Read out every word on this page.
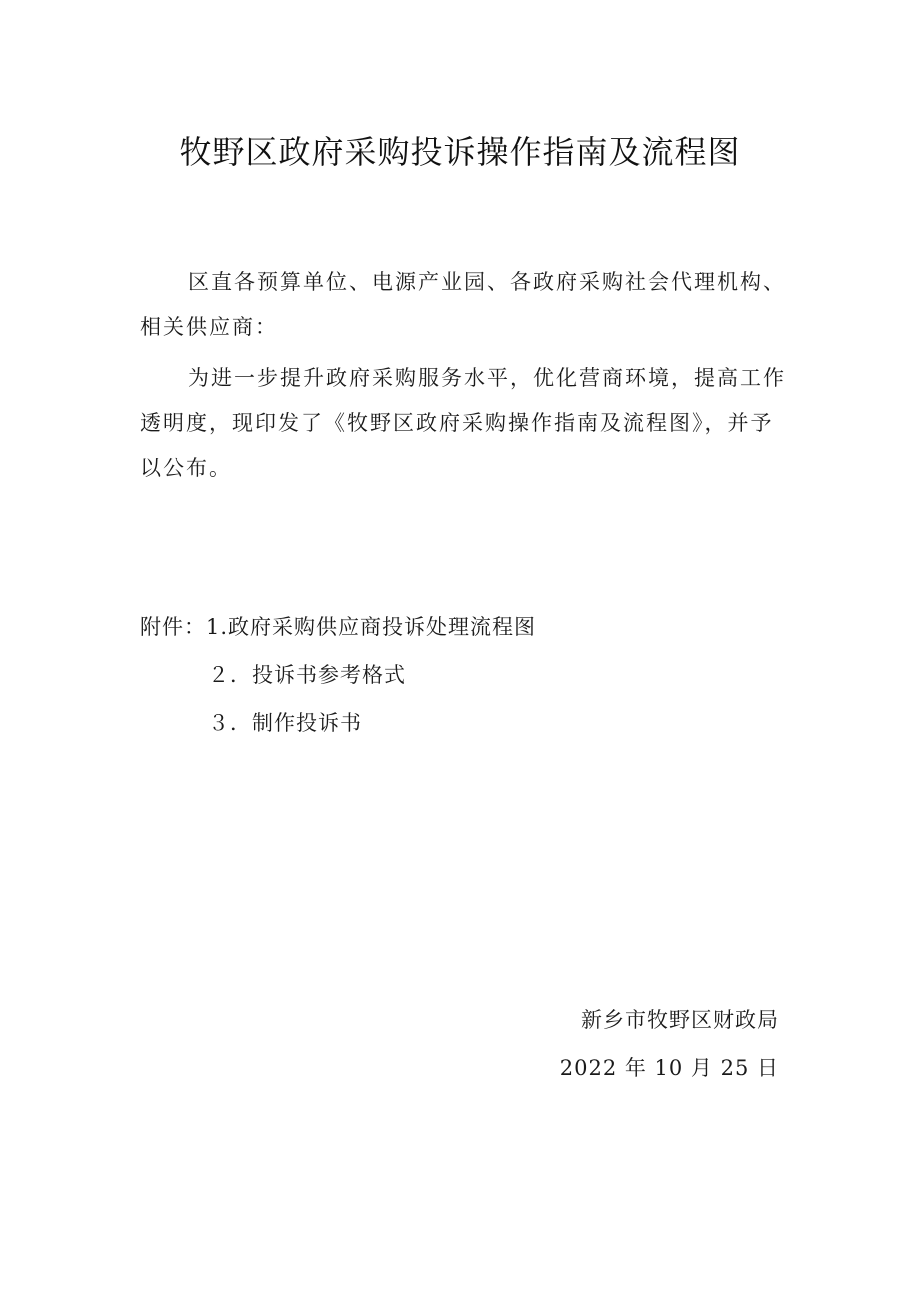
牧野区政府采购投诉操作指南及流程图

区直各预算单位、电源产业园、各政府采购社会代理机构、相关供应商：

为进一步提升政府采购服务水平，优化营商环境，提高工作透明度，现印发了《牧野区政府采购操作指南及流程图》，并予以公布。

附件：1.政府采购供应商投诉处理流程图
２．投诉书参考格式
３．制作投诉书
新乡市牧野区财政局
2022 年 10 月 25 日
